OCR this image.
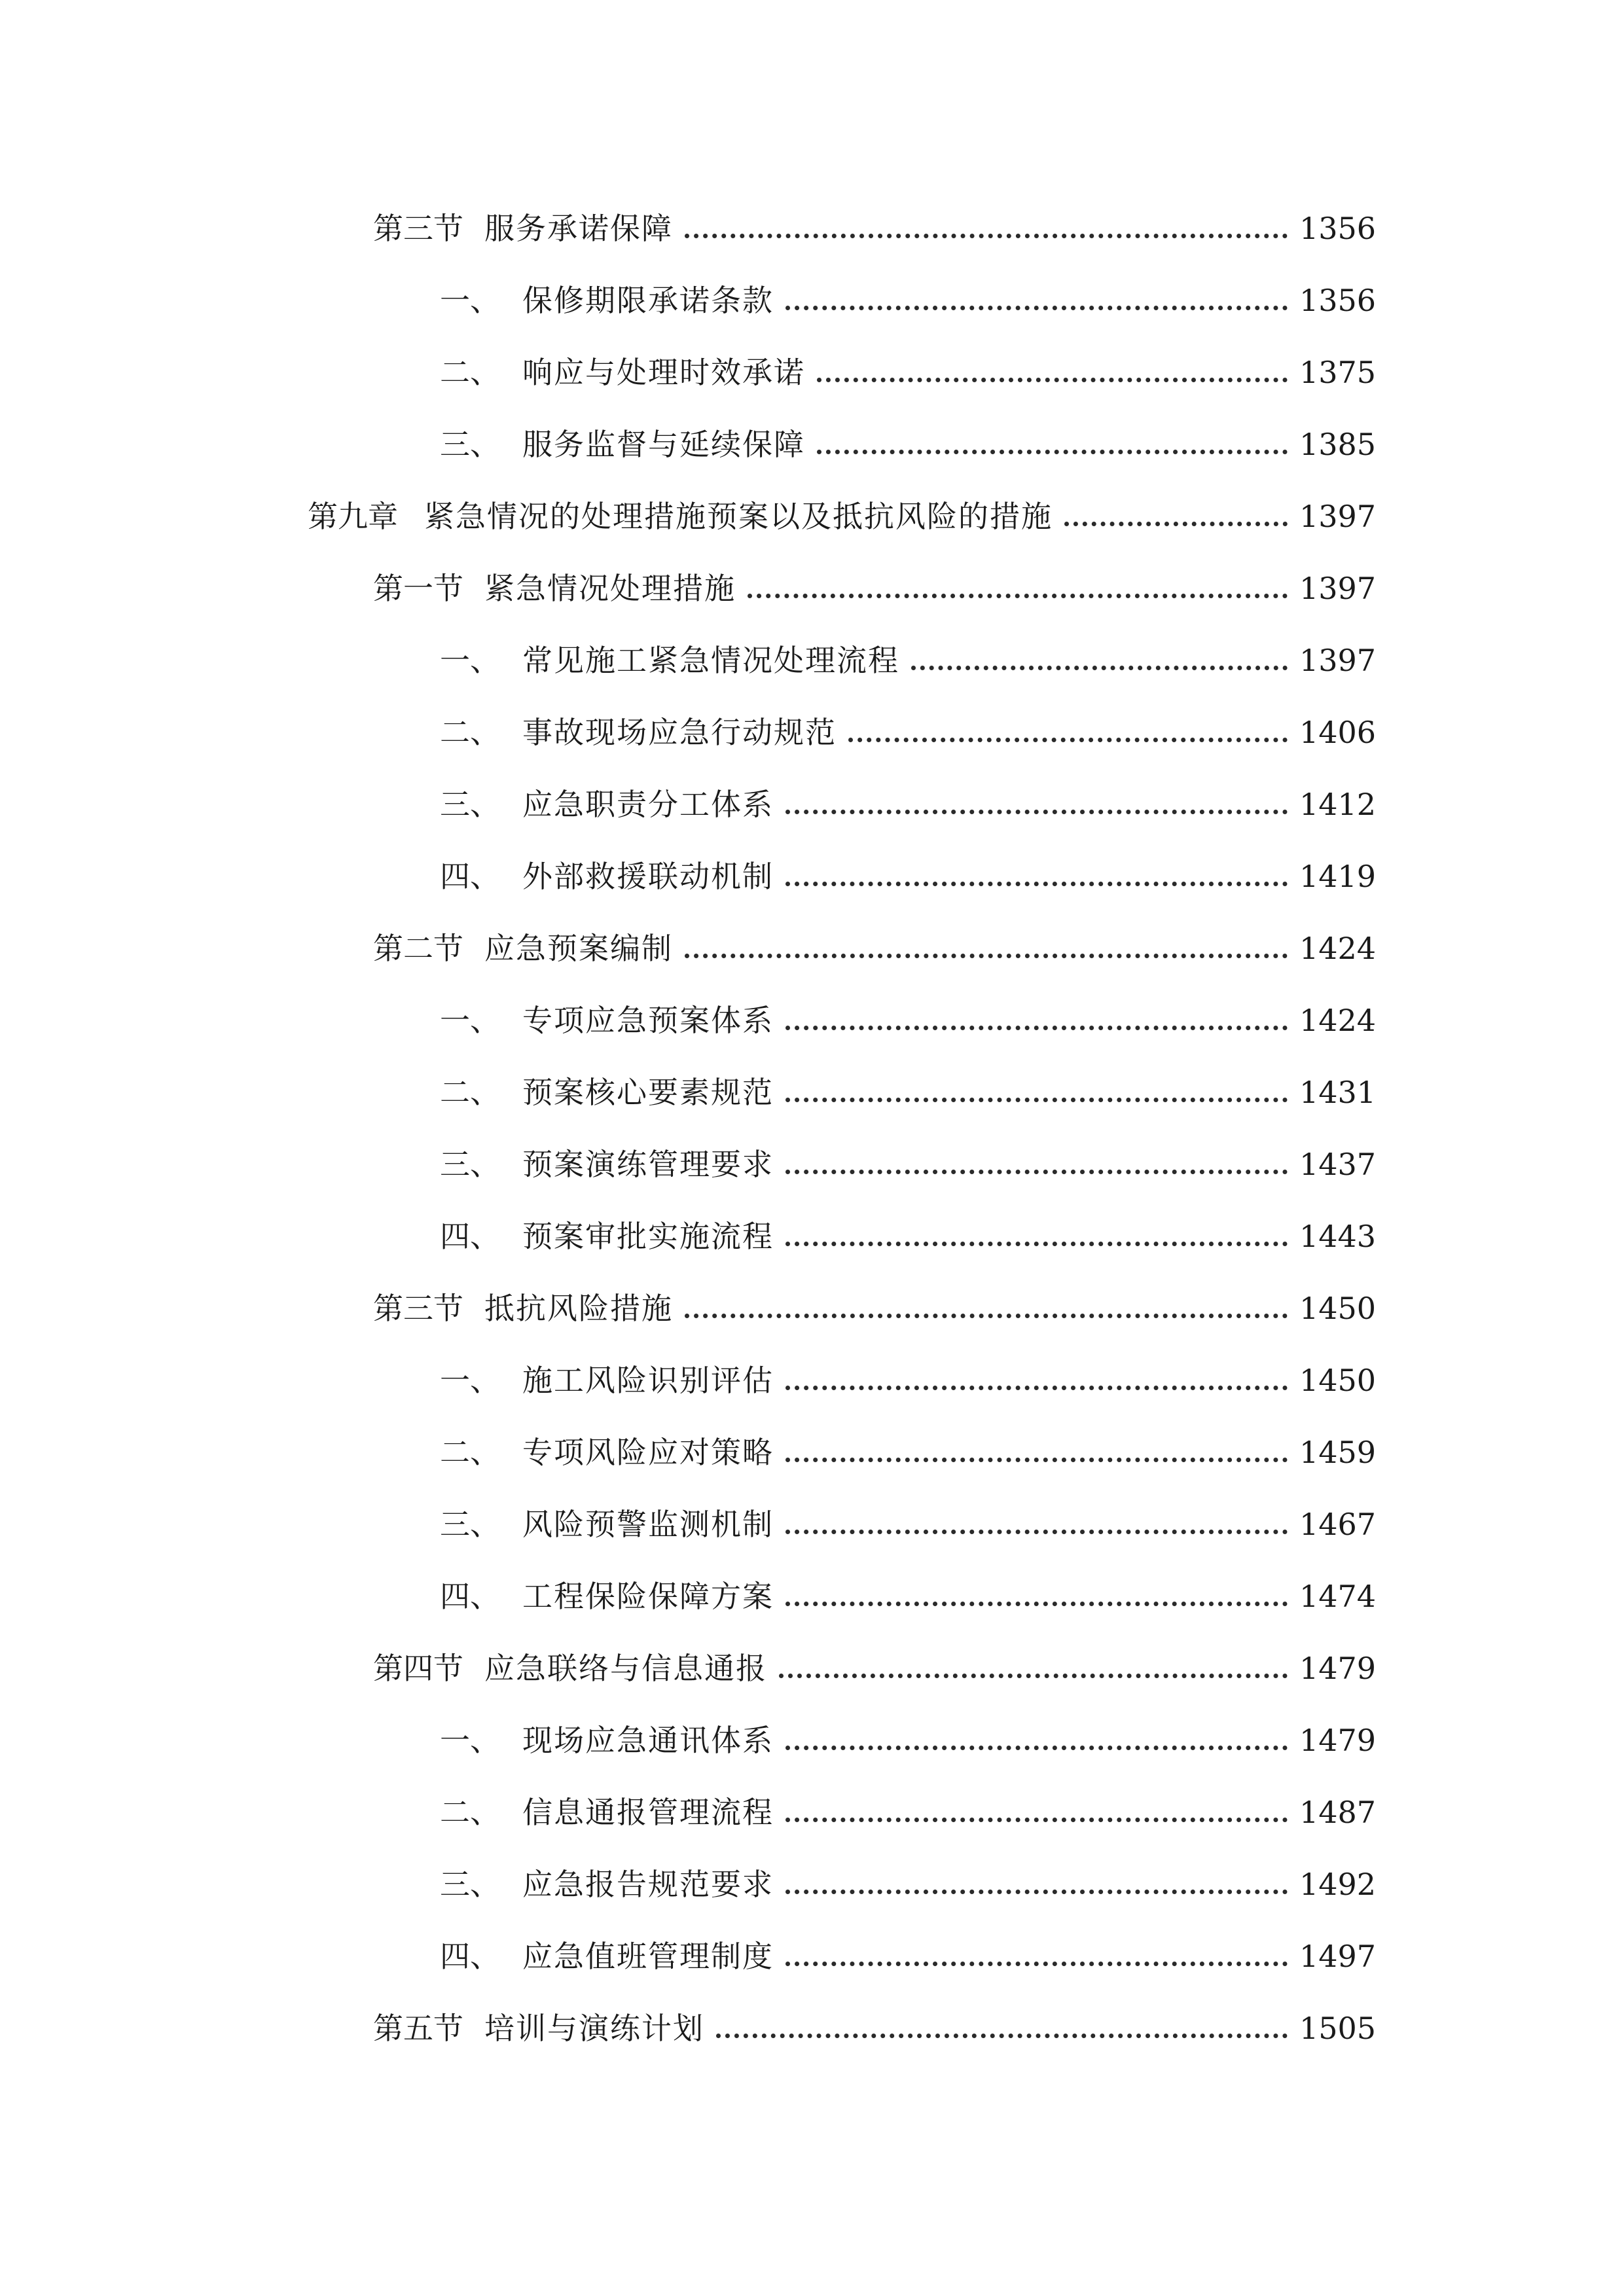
第三节 服务承诺保障	1356
一、 保修期限承诺条款	1356
二、 响应与处理时效承诺	1375
三、 服务监督与延续保障	1385
第九章 紧急情况的处理措施预案以及抵抗风险的措施	1397
第一节 紧急情况处理措施	1397
一、 常见施工紧急情况处理流程	1397
二、 事故现场应急行动规范	1406
三、 应急职责分工体系	1412
四、 外部救援联动机制	1419
第二节 应急预案编制	1424
一、 专项应急预案体系	1424
二、 预案核心要素规范	1431
三、 预案演练管理要求	1437
四、 预案审批实施流程	1443
第三节 抵抗风险措施	1450
一、 施工风险识别评估	1450
二、 专项风险应对策略	1459
三、 风险预警监测机制	1467
四、 工程保险保障方案	1474
第四节 应急联络与信息通报	1479
一、 现场应急通讯体系	1479
二、 信息通报管理流程	1487
三、 应急报告规范要求	1492
四、 应急值班管理制度	1497
第五节 培训与演练计划	1505
